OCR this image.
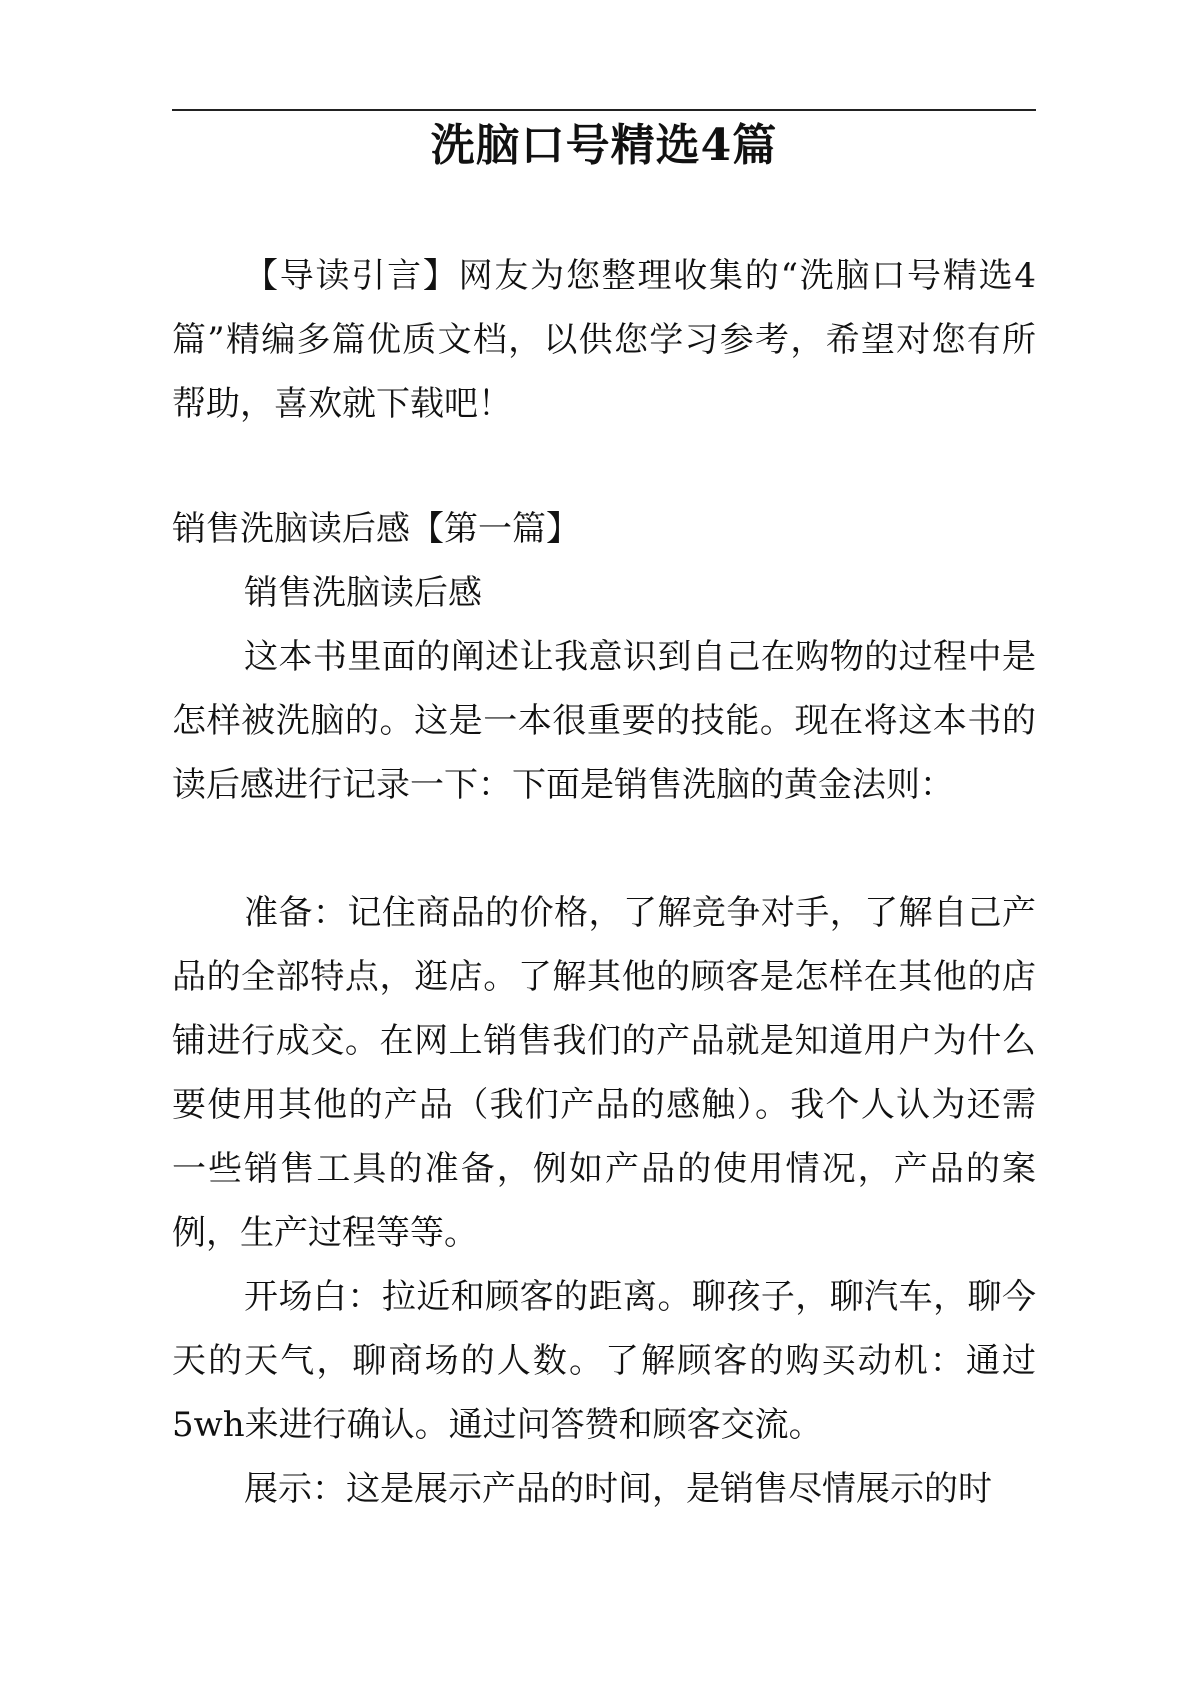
洗脑口号精选4篇

【导读引言】网友为您整理收集的“洗脑口号精选4篇”精编多篇优质文档，以供您学习参考，希望对您有所帮助，喜欢就下载吧！

销售洗脑读后感【第一篇】

销售洗脑读后感

这本书里面的阐述让我意识到自己在购物的过程中是怎样被洗脑的。这是一本很重要的技能。现在将这本书的读后感进行记录一下：下面是销售洗脑的黄金法则：

准备：记住商品的价格，了解竞争对手，了解自己产品的全部特点，逛店。了解其他的顾客是怎样在其他的店铺进行成交。在网上销售我们的产品就是知道用户为什么要使用其他的产品（我们产品的感触）。我个人认为还需一些销售工具的准备，例如产品的使用情况，产品的案例，生产过程等等。

开场白：拉近和顾客的距离。聊孩子，聊汽车，聊今天的天气，聊商场的人数。了解顾客的购买动机：通过5wh来进行确认。通过问答赞和顾客交流。

展示：这是展示产品的时间，是销售尽情展示的时
